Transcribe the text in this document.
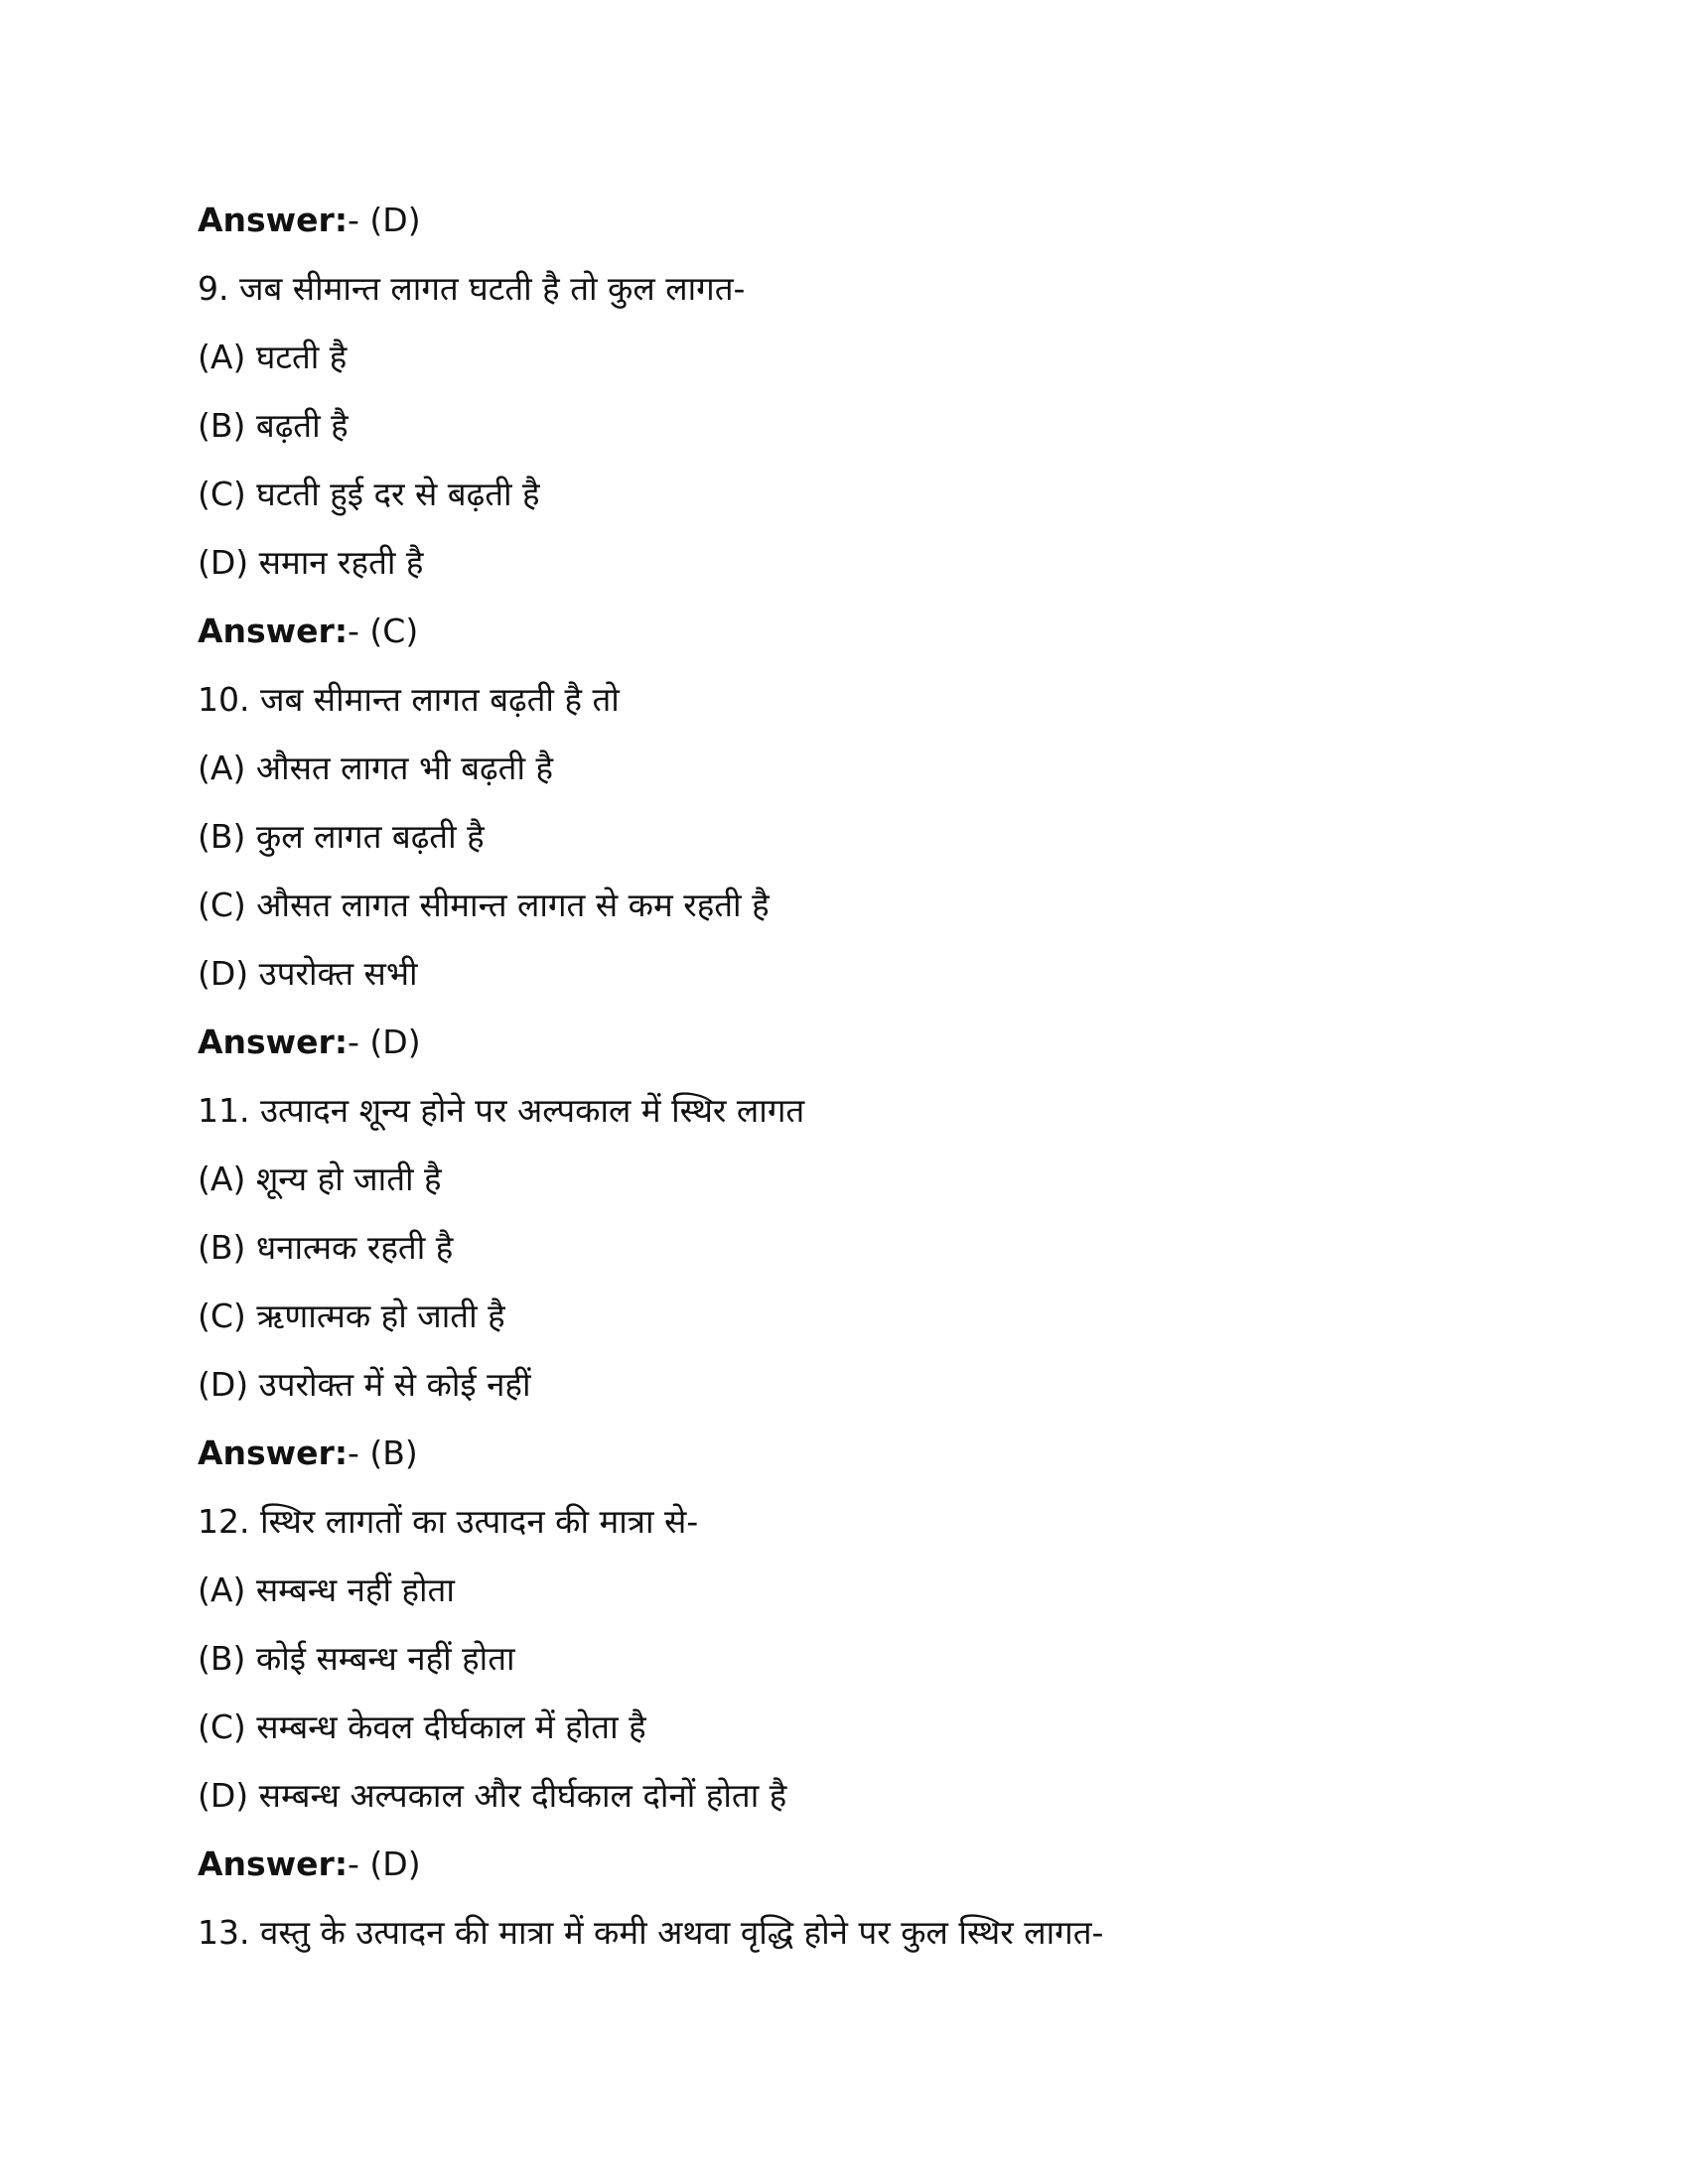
Answer:- (D)
9. जब सीमान्त लागत घटती है तो कुल लागत-
(A) घटती है
(B) बढ़ती है
(C) घटती हुई दर से बढ़ती है
(D) समान रहती है
Answer:- (C)
10. जब सीमान्त लागत बढ़ती है तो
(A) औसत लागत भी बढ़ती है
(B) कुल लागत बढ़ती है
(C) औसत लागत सीमान्त लागत से कम रहती है
(D) उपरोक्त सभी
Answer:- (D)
11. उत्पादन शून्य होने पर अल्पकाल में स्थिर लागत
(A) शून्य हो जाती है
(B) धनात्मक रहती है
(C) ऋणात्मक हो जाती है
(D) उपरोक्त में से कोई नहीं
Answer:- (B)
12. स्थिर लागतों का उत्पादन की मात्रा से-
(A) सम्बन्ध नहीं होता
(B) कोई सम्बन्ध नहीं होता
(C) सम्बन्ध केवल दीर्घकाल में होता है
(D) सम्बन्ध अल्पकाल और दीर्घकाल दोनों होता है
Answer:- (D)
13. वस्तु के उत्पादन की मात्रा में कमी अथवा वृद्धि होने पर कुल स्थिर लागत-
